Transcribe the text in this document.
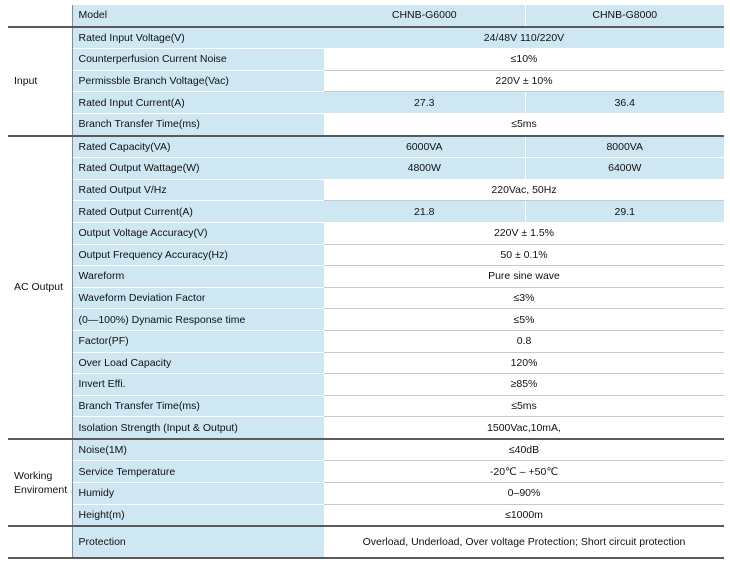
	Model	CHNB-G6000	CHNB-G8000
Input	Rated Input Voltage(V)	24/48V 110/220V	
	Counterperfusion Current Noise	≤10%	
	Permissble Branch Voltage(Vac)	220V ± 10%	
	Rated Input Current(A)	27.3	36.4
	Branch Transfer Time(ms)	≤5ms	
AC Output	Rated Capacity(VA)	6000VA	8000VA
	Rated Output Wattage(W)	4800W	6400W
	Rated Output V/Hz	220Vac, 50Hz	
	Rated Output Current(A)	21.8	29.1
	Output Voltage Accuracy(V)	220V ± 1.5%	
	Output Frequency Accuracy(Hz)	50 ± 0.1%	
	Wareform	Pure sine wave	
	Waveform Deviation Factor	≤3%	
	(0—100%) Dynamic Response time	≤5%	
	Factor(PF)	0.8	
	Over Load Capacity	120%	
	Invert Effi.	≥85%	
	Branch Transfer Time(ms)	≤5ms	
	Isolation Strength (Input & Output)	1500Vac,10mA,	
Working
Enviroment	Noise(1M)	≤40dB	
	Service Temperature	-20℃ – +50℃	
	Humidy	0–90%	
	Height(m)	≤1000m	
	Protection	Overload, Underload, Over voltage Protection; Short circuit protection	
